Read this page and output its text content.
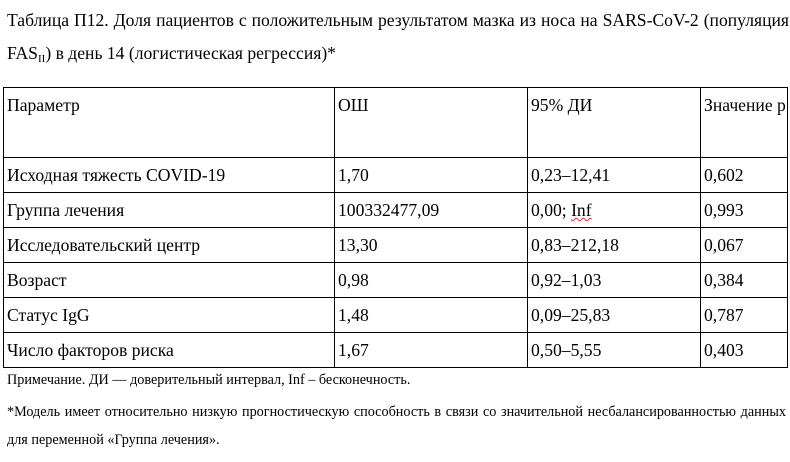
Таблица П12. Доля пациентов с положительным результатом мазка из носа на SARS-CoV-2 (популяция $FAS_{II}$) в день 14 (логистическая регрессия)*
Параметр	ОШ	95% ДИ	Значение р
Исходная тяжесть COVID-19	1,70	0,23–12,41	0,602
Группа лечения	100332477,09	0,00; Inf	0,993
Исследовательский центр	13,30	0,83–212,18	0,067
Возраст	0,98	0,92–1,03	0,384
Статус IgG	1,48	0,09–25,83	0,787
Число факторов риска	1,67	0,50–5,55	0,403
Примечание. ДИ — доверительный интервал, Inf – бесконечность.
*Модель имеет относительно низкую прогностическую способность в связи со значительной несбалансированностью данных для переменной «Группа лечения».
